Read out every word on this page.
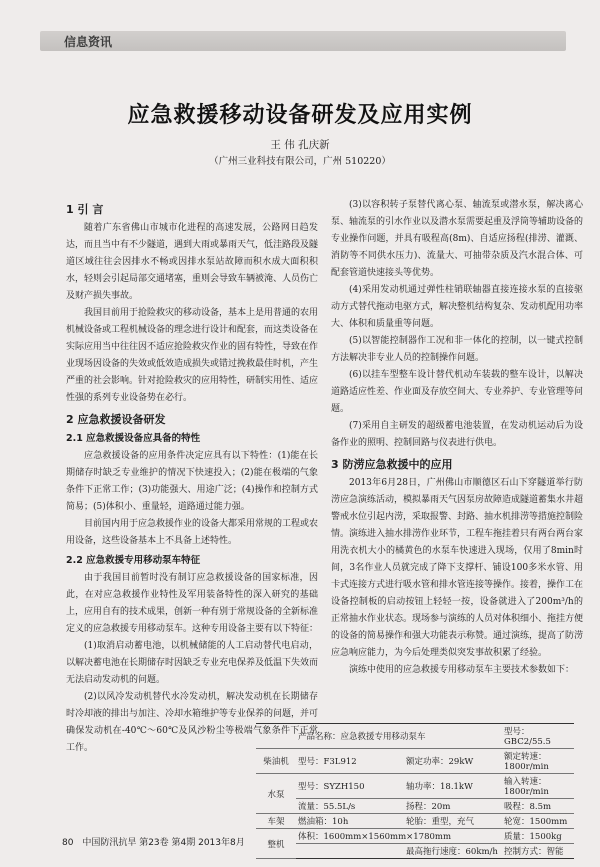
信息资讯
应急救援移动设备研发及应用实例
王 伟 孔庆新
（广州三业科技有限公司，广州 510220）
1 引 言

随着广东省佛山市城市化进程的高速发展，公路网日趋发达，而且当中有不少隧道，遇到大雨或暴雨天气，低洼路段及隧道区域往往会因排水不畅或因排水泵站故障而积水成大面积积水，轻则会引起局部交通堵塞，重则会导致车辆被淹、人员伤亡及财产损失事故。

我国目前用于抢险救灾的移动设备，基本上是用普通的农用机械设备或工程机械设备的理念进行设计和配套，而这类设备在实际应用当中往往因不适应抢险救灾作业的固有特性，导致在作业现场因设备的失效或低效造成损失或错过挽救最佳时机，产生严重的社会影响。针对抢险救灾的应用特性，研制实用性、适应性强的系列专业设备势在必行。

2 应急救援设备研发
2.1 应急救援设备应具备的特性

应急救援设备的应用条件决定应具有以下特性：(1)能在长期储存时缺乏专业维护的情况下快速投入；(2)能在极端的气象条件下正常工作；(3)功能强大、用途广泛；(4)操作和控制方式简易；(5)体积小、重量轻，道路通过能力强。

目前国内用于应急救援作业的设备大都采用常规的工程或农用设备，这些设备基本上不具备上述特性。

2.2 应急救援专用移动泵车特征

由于我国目前暂时没有制订应急救援设备的国家标准，因此，在对应急救援作业特性及军用装备特性的深入研究的基础上，应用自有的技术成果，创新一种有别于常规设备的全新标准定义的应急救援专用移动泵车。这种专用设备主要有以下特征：

(1)取消启动蓄电池，以机械储能的人工启动替代电启动，以解决蓄电池在长期储存时因缺乏专业充电保养及低温下失效而无法启动发动机的问题。

(2)以风冷发动机替代水冷发动机，解决发动机在长期储存时冷却液的排出与加注、冷却水箱维护等专业保养的问题，并可确保发动机在-40℃～60℃及风沙粉尘等极端气象条件下正常工作。

(3)以容积转子泵替代离心泵、轴流泵或潜水泵，解决离心泵、轴流泵的引水作业以及潜水泵需要起重及浮筒等辅助设备的专业操作问题，并具有吸程高(8m)、自适应扬程(排涝、灌溉、消防等不同供水压力)、流量大、可抽带杂质及汽水混合体、可配套管道快速接头等优势。

(4)采用发动机通过弹性柱销联轴器直接连接水泵的直接驱动方式替代拖动电驱方式，解决整机结构复杂、发动机配用功率大、体积和质量重等问题。

(5)以智能控制器作工况和非一体化的控制，以一键式控制方法解决非专业人员的控制操作问题。

(6)以挂车型整车设计替代机动车装载的整车设计，以解决道路适应性差、作业面及存放空间大、专业养护、专业管理等问题。

(7)采用自主研发的超级蓄电池装置，在发动机运动后为设备作业的照明、控制回路与仪表进行供电。

3 防涝应急救援中的应用

2013年6月28日，广州佛山市顺德区石山下穿隧道举行防涝应急演练活动，模拟暴雨天气因泵房故障造成隧道蓄集水井超警戒水位引起内涝，采取报警、封路、抽水机排涝等措施控制险情。演练进入抽水排涝作业环节，工程车拖挂着只有两台两台家用洗衣机大小的橘黄色的水泵车快速进入现场，仅用了8min时间，3名作业人员就完成了降下支撑杆、铺设100多米水管、用卡式连接方式进行吸水管和排水管连接等操作。接着，操作工在设备控制板的启动按钮上轻轻一按，设备就进入了200m³/h的正常抽水作业状态。现场参与演练的人员对体积细小、拖挂方便的设备的简易操作和强大功能表示称赞。通过演练，提高了防涝应急响应能力，为今后处理类似突发事故积累了经验。

演练中使用的应急救援专用移动泵车主要技术参数如下：

	产品名称：应急救援专用移动泵车		型号：GBC2/55.5
柴油机	型号：F3L912	额定功率：29kW	额定转速：1800r/min
水泵	型号：SYZH150	轴功率：18.1kW	输入转速：1800r/min
	流量：55.5L/s	扬程：20m	吸程：8.5m
车架	燃油箱：10h	轮胎：重型，充气	轮宽：1500mm
整机	体积：1600mm×1560mm×1780mm		质量：1500kg
		最高拖行速度：60km/h	控制方式：智能
80 中国防汛抗旱 第23卷 第4期 2013年8月
